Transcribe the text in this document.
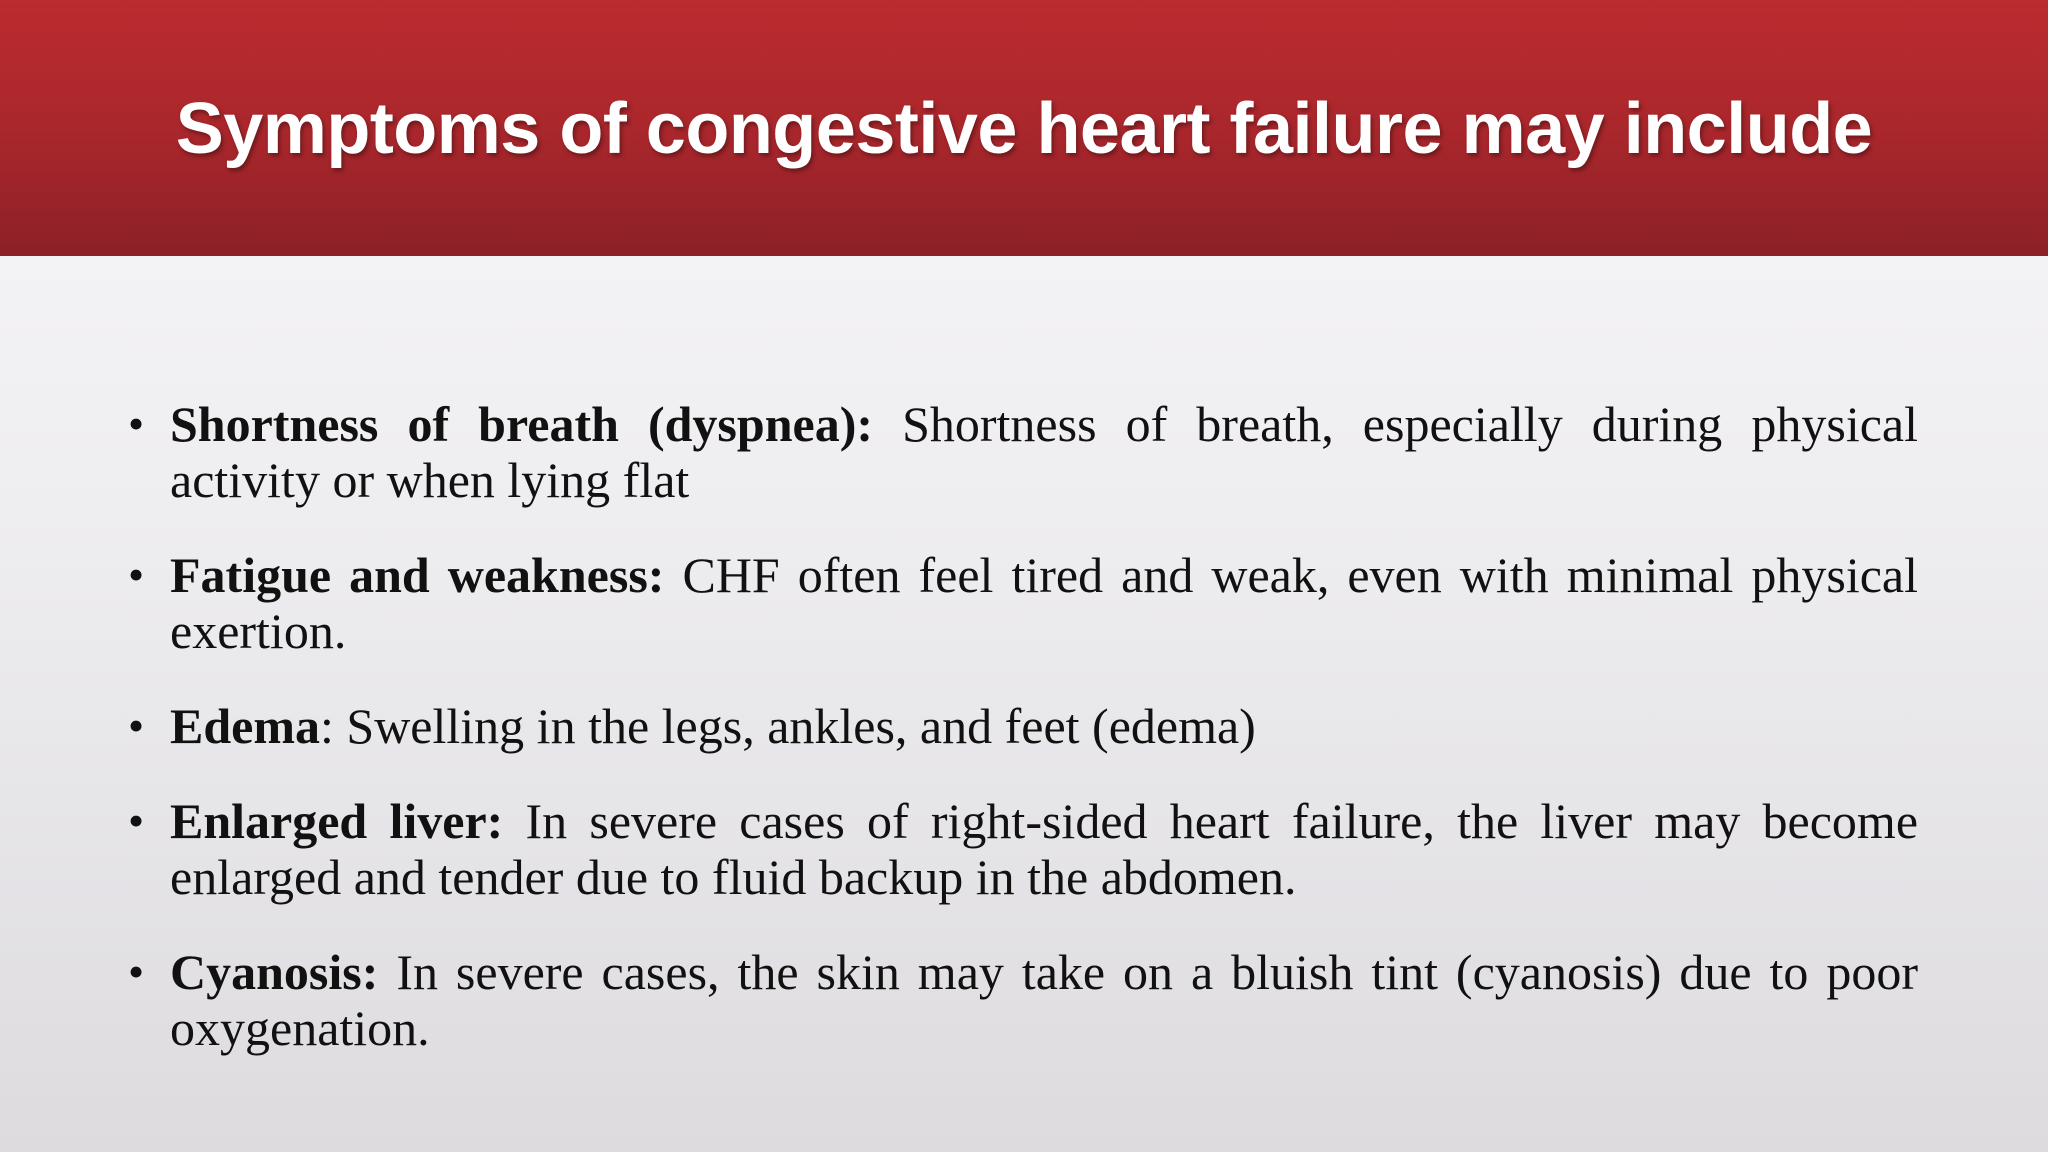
Symptoms of congestive heart failure may include
• Shortness of breath (dyspnea): Shortness of breath, especially during physical activity or when lying flat
• Fatigue and weakness: CHF often feel tired and weak, even with minimal physical exertion.
• Edema: Swelling in the legs, ankles, and feet (edema)
• Enlarged liver: In severe cases of right-sided heart failure, the liver may become enlarged and tender due to fluid backup in the abdomen.
• Cyanosis: In severe cases, the skin may take on a bluish tint (cyanosis) due to poor oxygenation.
